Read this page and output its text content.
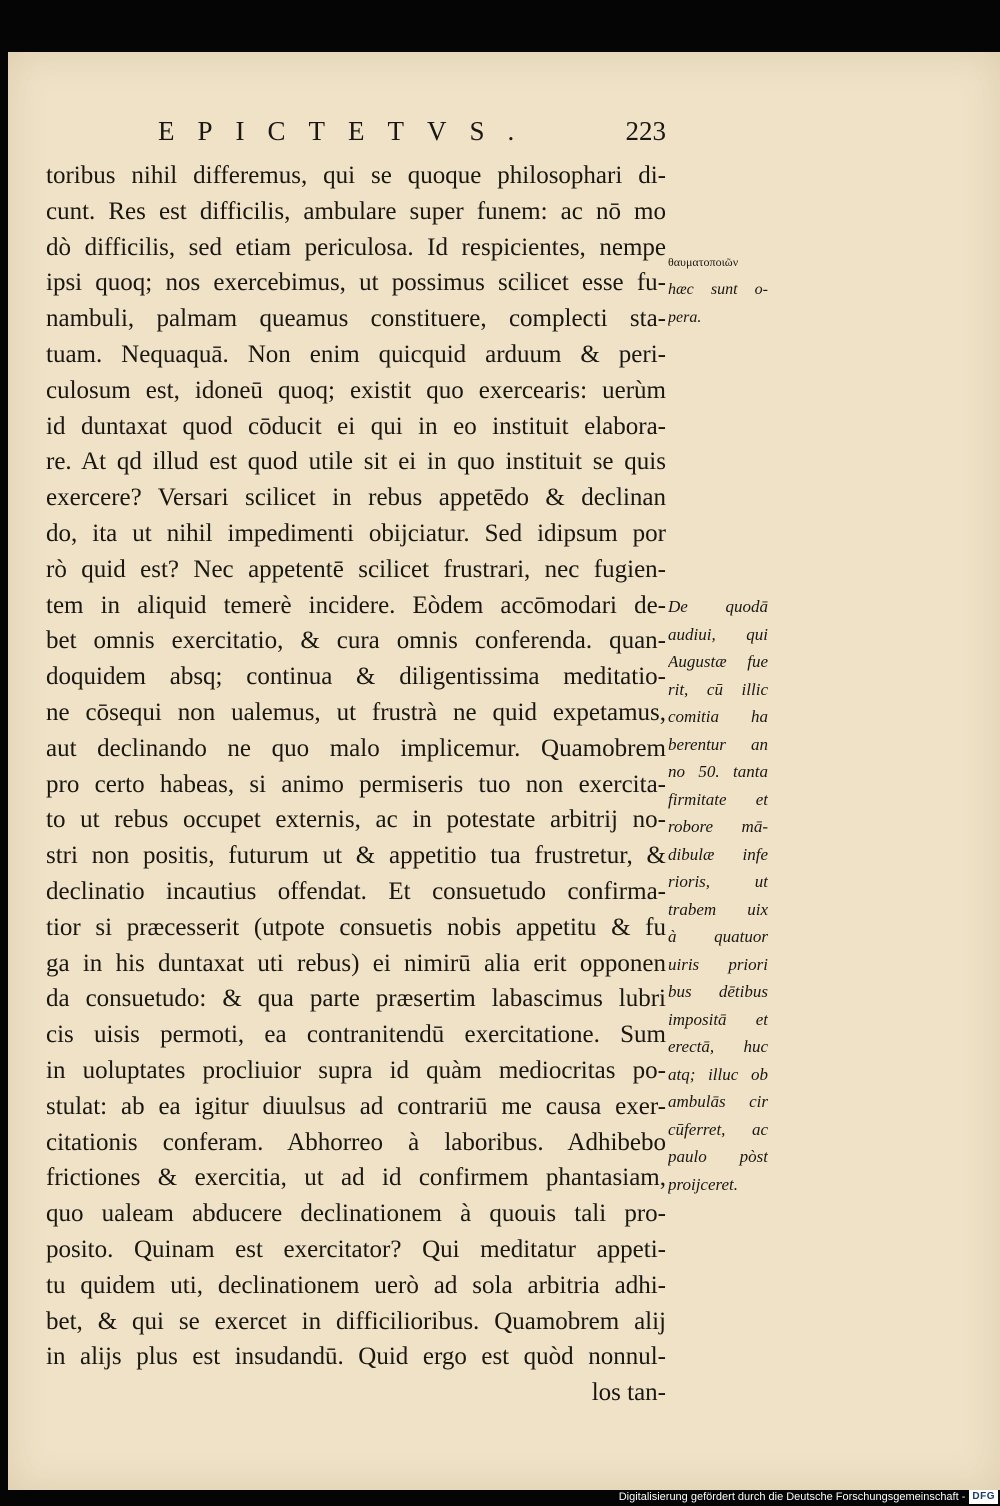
EPICTETVS.	223
toribus nihil differemus, qui se quoque philosophari di-
cunt. Res est difficilis, ambulare super funem: ac nō mo
dò difficilis, sed etiam periculosa. Id respicientes, nempe
ipsi quoq; nos exercebimus, ut possimus scilicet esse fu-
nambuli, palmam queamus constituere, complecti sta-
tuam. Nequaquā. Non enim quicquid arduum & peri-
culosum est, idoneū quoq; existit quo exercearis: uerùm
id duntaxat quod cōducit ei qui in eo instituit elabora-
re. At qd illud est quod utile sit ei in quo instituit se quis
exercere? Versari scilicet in rebus appetēdo & declinan
do, ita ut nihil impedimenti obijciatur. Sed idipsum por
rò quid est? Nec appetentē scilicet frustrari, nec fugien-
tem in aliquid temerè incidere. Eòdem accōmodari de-
bet omnis exercitatio, & cura omnis conferenda. quan-
doquidem absq; continua & diligentissima meditatio-
ne cōsequi non ualemus, ut frustrà ne quid expetamus,
aut declinando ne quo malo implicemur. Quamobrem
pro certo habeas, si animo permiseris tuo non exercita-
to ut rebus occupet externis, ac in potestate arbitrij no-
stri non positis, futurum ut & appetitio tua frustretur, &
declinatio incautius offendat. Et consuetudo confirma-
tior si præcesserit (utpote consuetis nobis appetitu & fu
ga in his duntaxat uti rebus) ei nimirū alia erit opponen
da consuetudo: & qua parte præsertim labascimus lubri
cis uisis permoti, ea contranitendū exercitatione. Sum
in uoluptates procliuior supra id quàm mediocritas po-
stulat: ab ea igitur diuulsus ad contrariū me causa exer-
citationis conferam. Abhorreo à laboribus. Adhibebo
frictiones & exercitia, ut ad id confirmem phantasiam,
quo ualeam abducere declinationem à quouis tali pro-
posito. Quinam est exercitator? Qui meditatur appeti-
tu quidem uti, declinationem uerò ad sola arbitria adhi-
bet, & qui se exercet in difficilioribus. Quamobrem alij
in alijs plus est insudandū. Quid ergo est quòd nonnul-
los tan-
θαυματοποιῶν
hæc sunt o-
pera.
De quodā
audiui, qui
Augustæ fue
rit, cū illic
comitia ha
berentur an
no 50. tanta
firmitate et
robore mā-
dibulæ infe
rioris, ut
trabem uix
à quatuor
uiris priori
bus dētibus
impositā et
erectā, huc
atq; illuc ob
ambulās cir
cūferret, ac
paulo pòst
proijceret.
Digitalisierung gefördert durch die Deutsche Forschungsgemeinschaft - DFG
